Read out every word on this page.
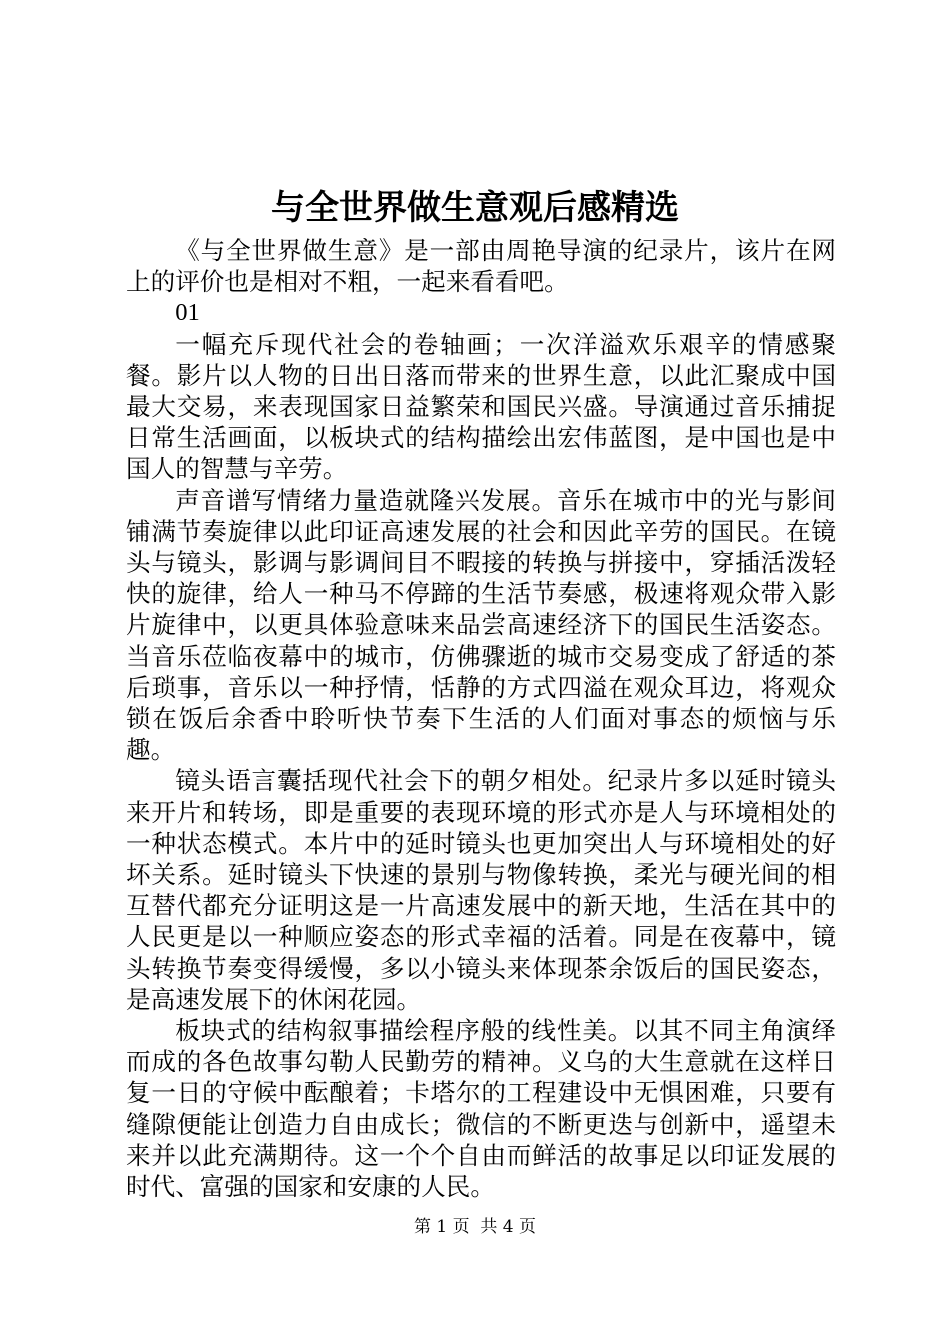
与全世界做生意观后感精选

《与全世界做生意》是一部由周艳导演的纪录片，该片在网上的评价也是相对不粗，一起来看看吧。

01

一幅充斥现代社会的卷轴画；一次洋溢欢乐艰辛的情感聚餐。影片以人物的日出日落而带来的世界生意，以此汇聚成中国最大交易，来表现国家日益繁荣和国民兴盛。导演通过音乐捕捉日常生活画面，以板块式的结构描绘出宏伟蓝图，是中国也是中国人的智慧与辛劳。

声音谱写情绪力量造就隆兴发展。音乐在城市中的光与影间铺满节奏旋律以此印证高速发展的社会和因此辛劳的国民。在镜头与镜头，影调与影调间目不暇接的转换与拼接中，穿插活泼轻快的旋律，给人一种马不停蹄的生活节奏感，极速将观众带入影片旋律中，以更具体验意味来品尝高速经济下的国民生活姿态。当音乐莅临夜幕中的城市，仿佛骤逝的城市交易变成了舒适的茶后琐事，音乐以一种抒情，恬静的方式四溢在观众耳边，将观众锁在饭后余香中聆听快节奏下生活的人们面对事态的烦恼与乐趣。

镜头语言囊括现代社会下的朝夕相处。纪录片多以延时镜头来开片和转场，即是重要的表现环境的形式亦是人与环境相处的一种状态模式。本片中的延时镜头也更加突出人与环境相处的好坏关系。延时镜头下快速的景别与物像转换，柔光与硬光间的相互替代都充分证明这是一片高速发展中的新天地，生活在其中的人民更是以一种顺应姿态的形式幸福的活着。同是在夜幕中，镜头转换节奏变得缓慢，多以小镜头来体现茶余饭后的国民姿态，是高速发展下的休闲花园。

板块式的结构叙事描绘程序般的线性美。以其不同主角演绎而成的各色故事勾勒人民勤劳的精神。义乌的大生意就在这样日复一日的守候中酝酿着；卡塔尔的工程建设中无惧困难，只要有缝隙便能让创造力自由成长；微信的不断更迭与创新中，遥望未来并以此充满期待。这一个个自由而鲜活的故事足以印证发展的时代、富强的国家和安康的人民。

第 1 页 共 4 页
